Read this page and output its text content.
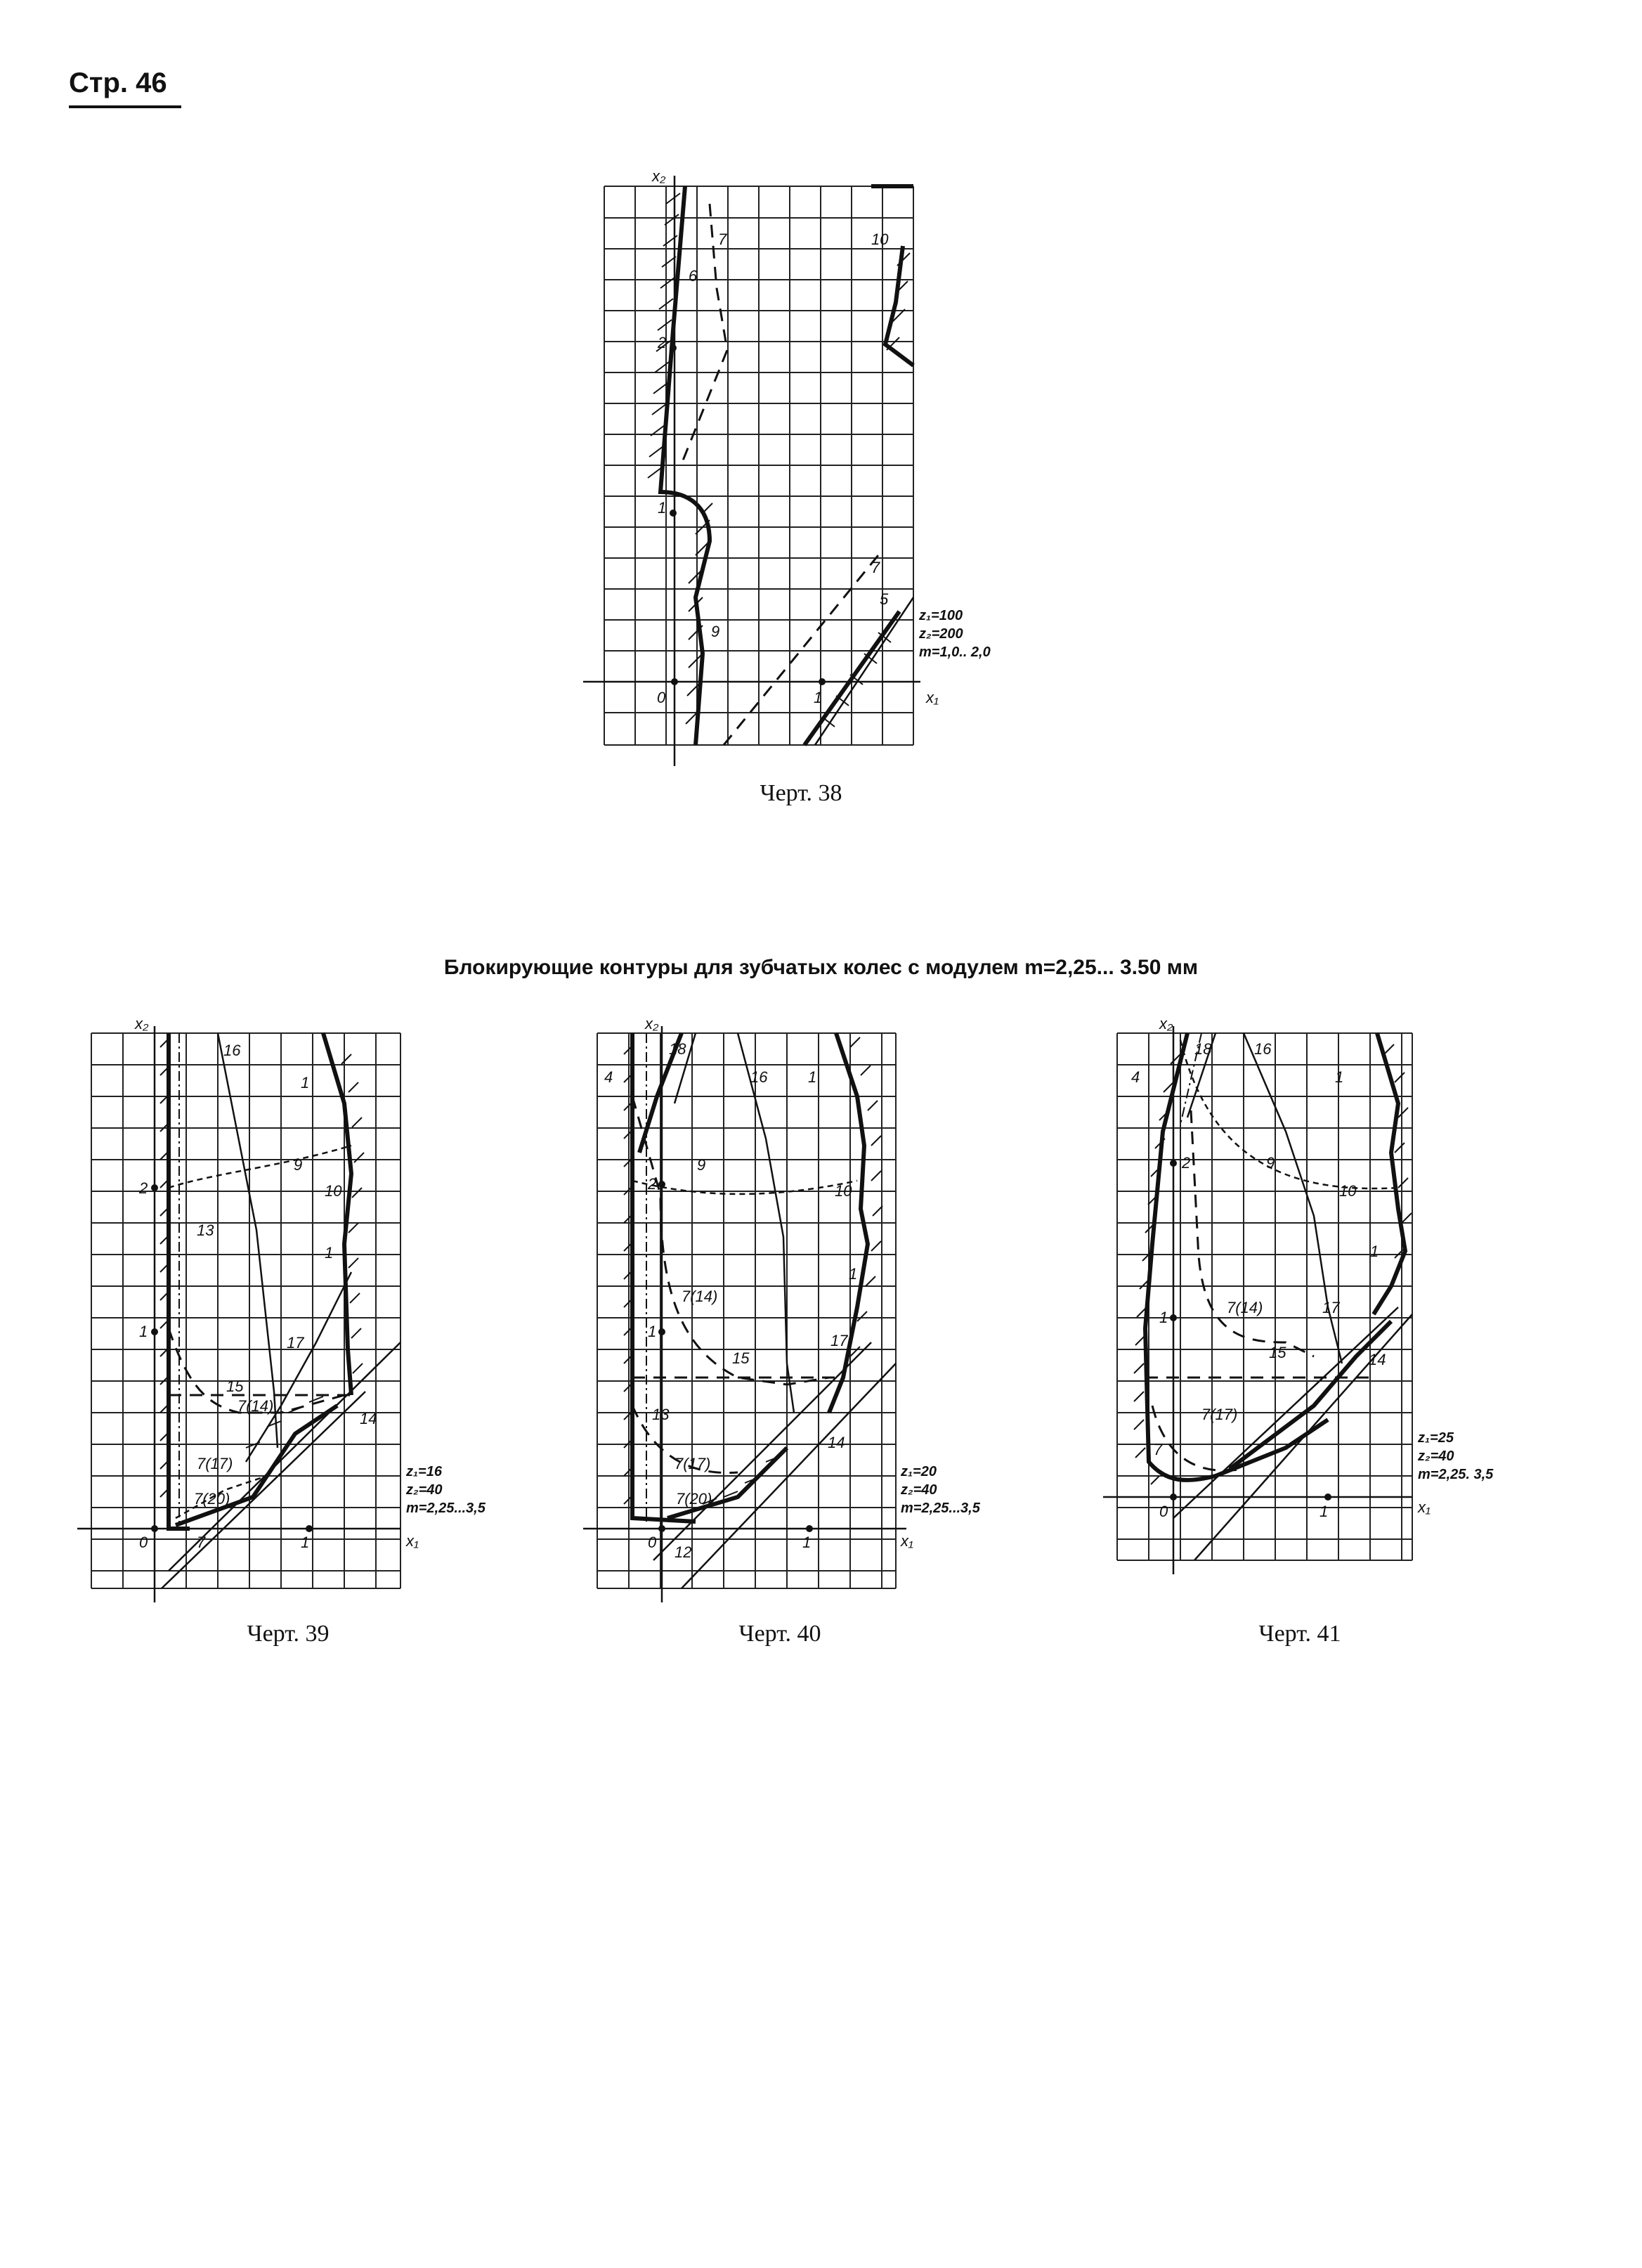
Стр. 46
x₂
x₁
0	1
1
2
6
7	10
9
7
5
z₁=100
z₂=200
m=1,0.. 2,0
Черт. 38
Блокирующие контуры для зубчатых колес с модулем m=2,25... 3.50 мм
x₂
x₁
0	1
1
2
16
1
9
10
13
1
17
15
7(14)
14
7(17)
7(20)
7
z₁=16
z₂=40
m=2,25...3,5
Черт. 39
x₂
x₁
0	1
1
2
4
18
16	1
9
10
1
7(14)
15
17
13
14
7(17)
7(20)
12
z₁=20
z₂=40
m=2,25...3,5
Черт. 40
x₂
x₁
0	1
1
2
4
18	16
1
9
10
1
7(14)	17
15	14
7(17)
7
z₁=25
z₂=40
m=2,25. 3,5
Черт. 41
